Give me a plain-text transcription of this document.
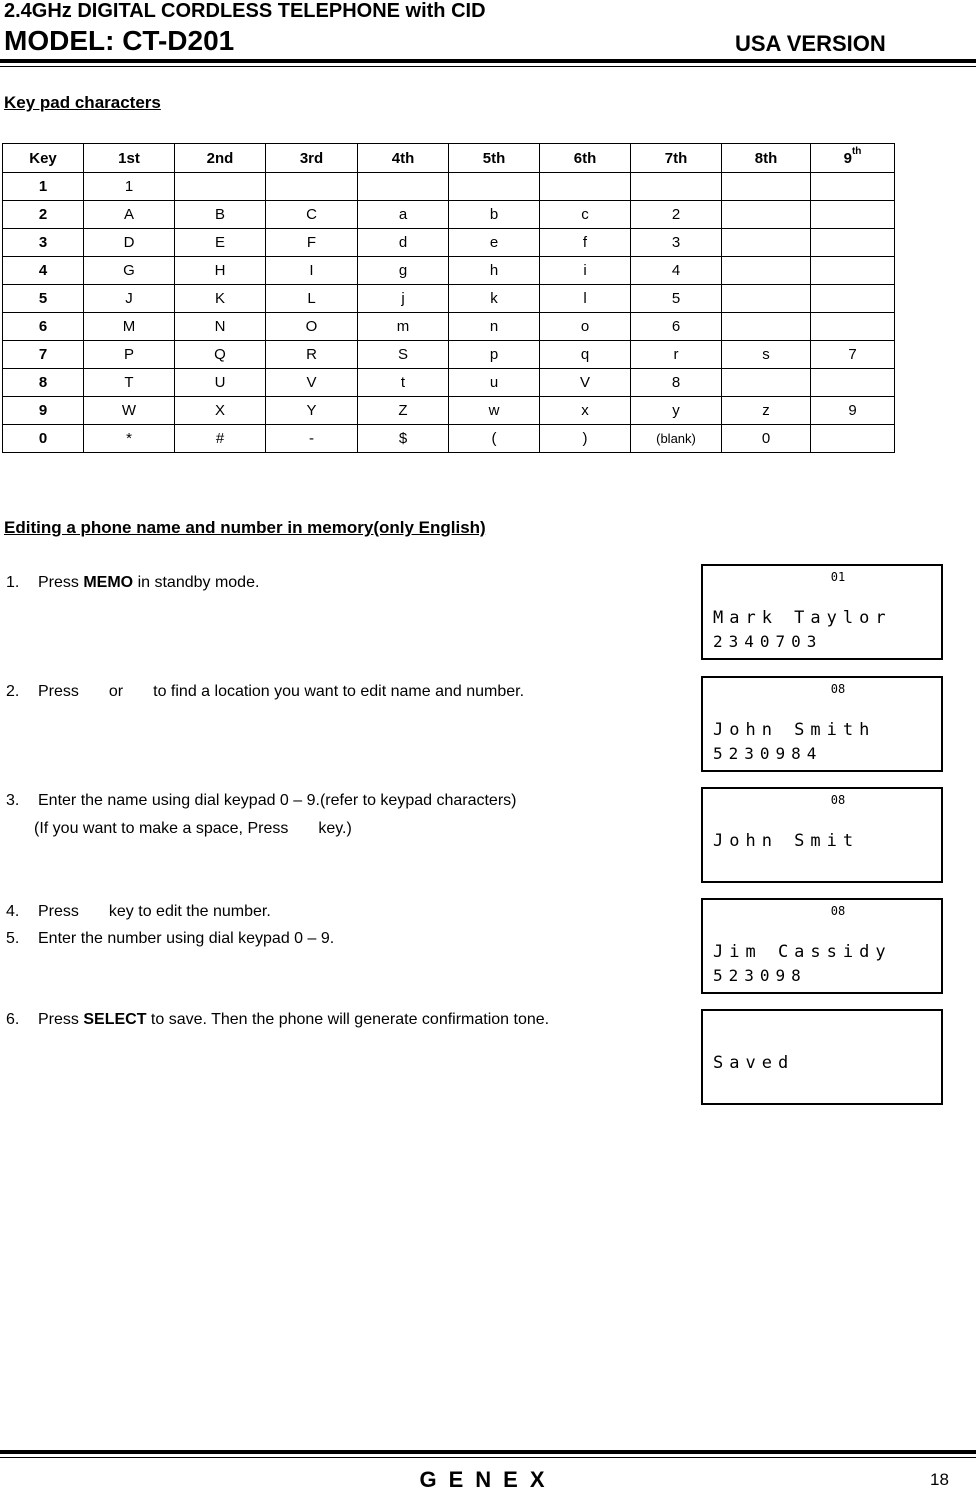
2.4GHz DIGITAL CORDLESS TELEPHONE with CID
MODEL: CT-D201	USA VERSION
Key pad characters
Key	1st	2nd	3rd	4th	5th	6th	7th	8th	9th
1	1								
2	A	B	C	a	b	c	2		
3	D	E	F	d	e	f	3		
4	G	H	I	g	h	i	4		
5	J	K	L	j	k	l	5		
6	M	N	O	m	n	o	6		
7	P	Q	R	S	p	q	r	s	7
8	T	U	V	t	u	V	8		
9	W	X	Y	Z	w	x	y	z	9
0	*	#	-	$	(	)	(blank)	0	
Editing a phone name and number in memory(only English)
1. Press MEMO in standby mode.
2. Press or to find a location you want to edit name and number.
3. Enter the name using dial keypad 0 – 9.(refer to keypad characters)
(If you want to make a space, Press key.)
4. Press key to edit the number.
5. Enter the number using dial keypad 0 – 9.
6. Press SELECT to save. Then the phone will generate confirmation tone.
01
Mark Taylor
2340703
08
John Smith
5230984
08
John Smit
08
Jim Cassidy
523098
Saved
GENEX	18
